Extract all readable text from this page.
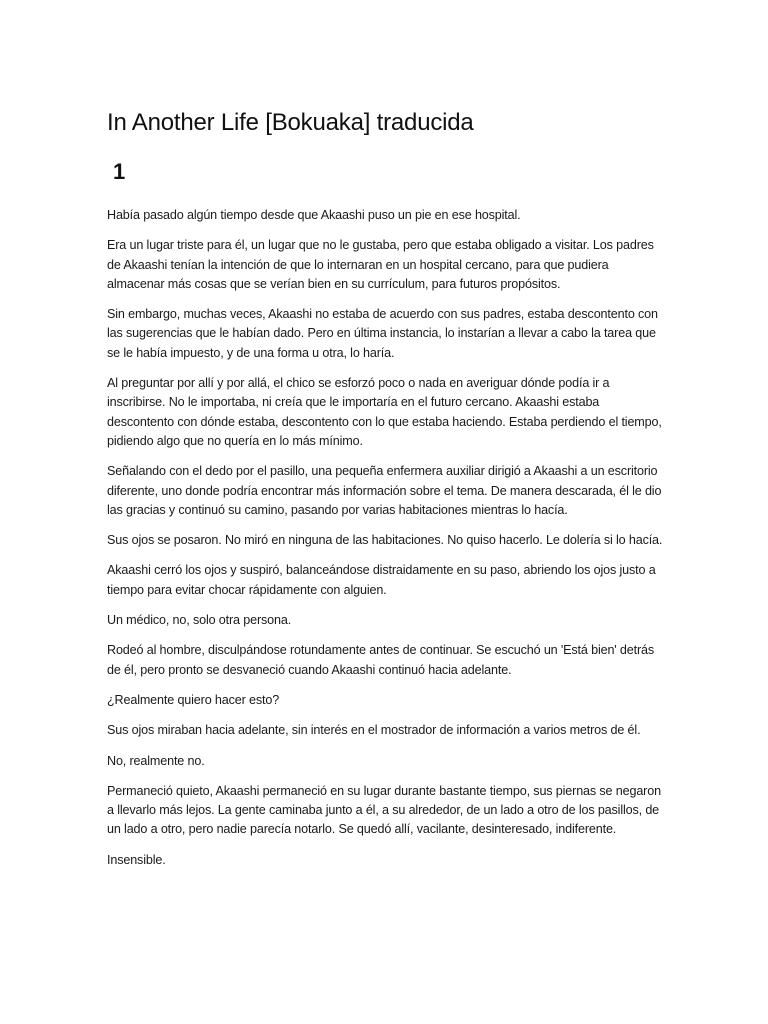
In Another Life [Bokuaka] traducida
1

Había pasado algún tiempo desde que Akaashi puso un pie en ese hospital.

Era un lugar triste para él, un lugar que no le gustaba, pero que estaba obligado a visitar. Los padres de Akaashi tenían la intención de que lo internaran en un hospital cercano, para que pudiera almacenar más cosas que se verían bien en su currículum, para futuros propósitos.

Sin embargo, muchas veces, Akaashi no estaba de acuerdo con sus padres, estaba descontento con las sugerencias que le habían dado. Pero en última instancia, lo instarían a llevar a cabo la tarea que se le había impuesto, y de una forma u otra, lo haría.

Al preguntar por allí y por allá, el chico se esforzó poco o nada en averiguar dónde podía ir a inscribirse. No le importaba, ni creía que le importaría en el futuro cercano. Akaashi estaba descontento con dónde estaba, descontento con lo que estaba haciendo. Estaba perdiendo el tiempo, pidiendo algo que no quería en lo más mínimo.

Señalando con el dedo por el pasillo, una pequeña enfermera auxiliar dirigió a Akaashi a un escritorio diferente, uno donde podría encontrar más información sobre el tema. De manera descarada, él le dio las gracias y continuó su camino, pasando por varias habitaciones mientras lo hacía.

Sus ojos se posaron. No miró en ninguna de las habitaciones. No quiso hacerlo. Le dolería si lo hacía.

Akaashi cerró los ojos y suspiró, balanceándose distraidamente en su paso, abriendo los ojos justo a tiempo para evitar chocar rápidamente con alguien.

Un médico, no, solo otra persona.

Rodeó al hombre, disculpándose rotundamente antes de continuar. Se escuchó un 'Está bien' detrás de él, pero pronto se desvaneció cuando Akaashi continuó hacia adelante.

¿Realmente quiero hacer esto?

Sus ojos miraban hacia adelante, sin interés en el mostrador de información a varios metros de él.

No, realmente no.

Permaneció quieto, Akaashi permaneció en su lugar durante bastante tiempo, sus piernas se negaron a llevarlo más lejos. La gente caminaba junto a él, a su alrededor, de un lado a otro de los pasillos, de un lado a otro, pero nadie parecía notarlo. Se quedó allí, vacilante, desinteresado, indiferente.

Insensible.
